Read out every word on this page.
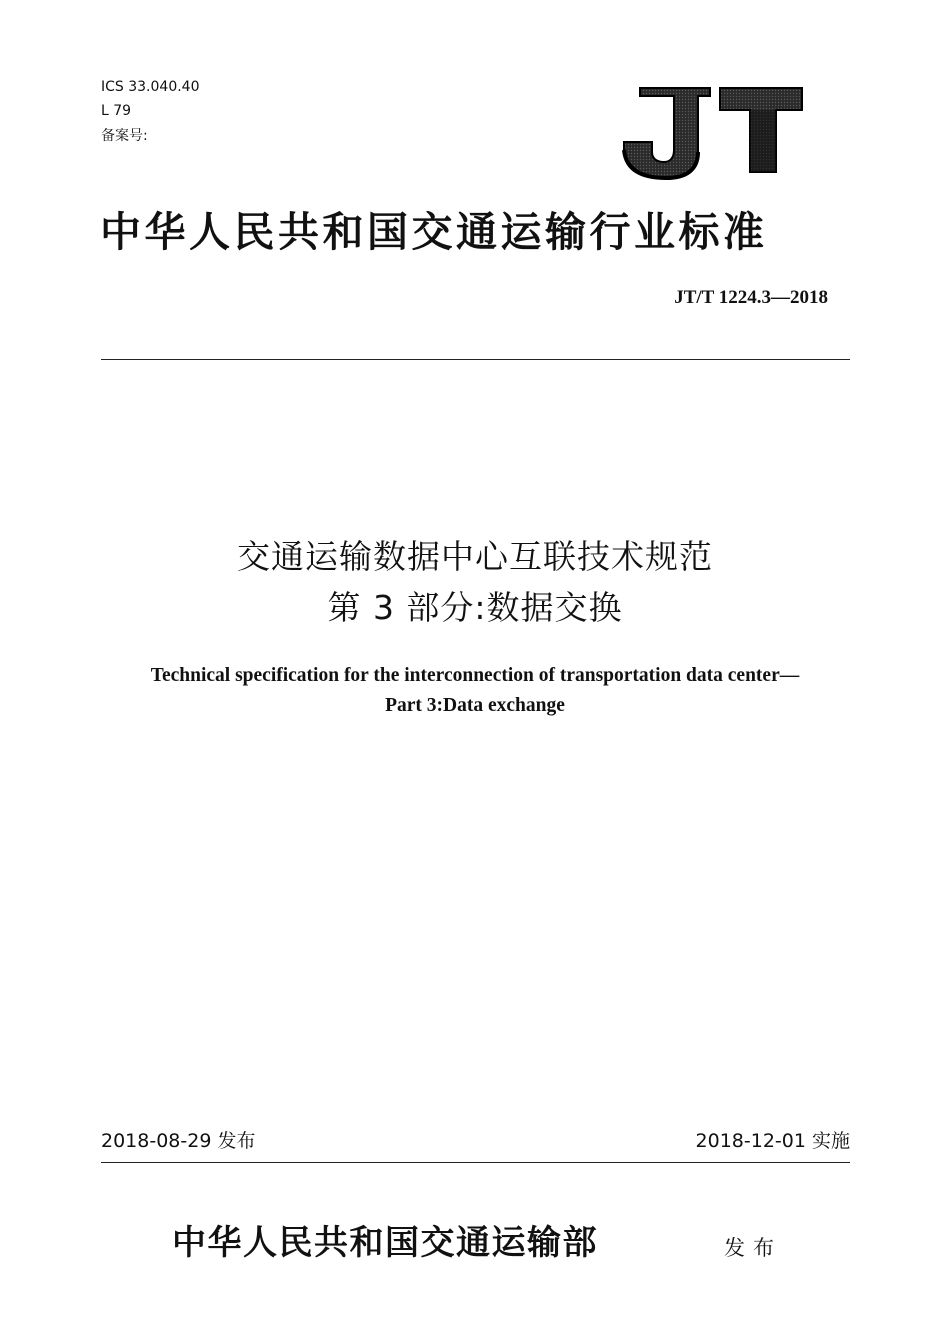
ICS 33.040.40
L 79
备案号:
中华人民共和国交通运输行业标准
JT/T 1224.3—2018
交通运输数据中心互联技术规范
第 3 部分:数据交换
Technical specification for the interconnection of transportation data center—
Part 3:Data exchange
2018-08-29 发布	2018-12-01 实施
中华人民共和国交通运输部	发布
